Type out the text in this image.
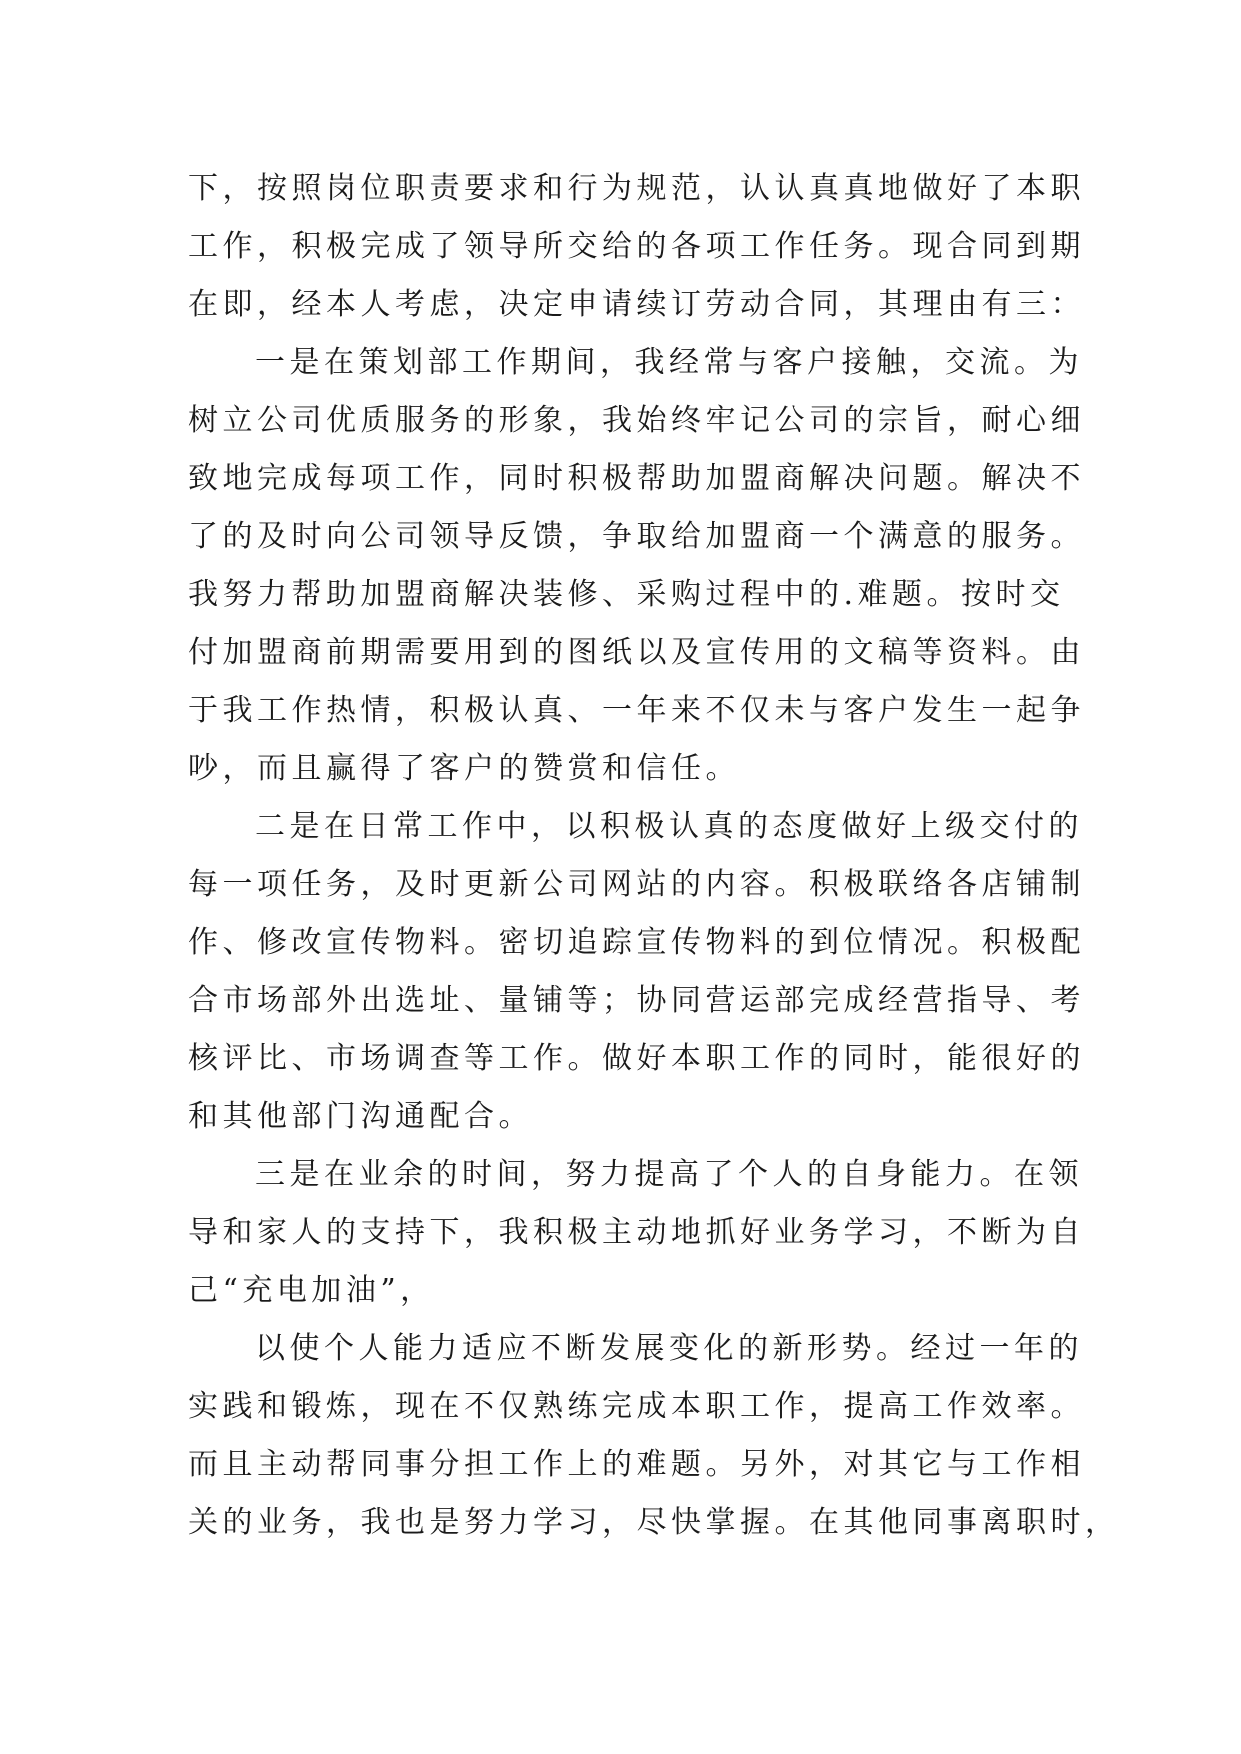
下，按照岗位职责要求和行为规范，认认真真地做好了本职
工作，积极完成了领导所交给的各项工作任务。现合同到期
在即，经本人考虑，决定申请续订劳动合同，其理由有三：
一是在策划部工作期间，我经常与客户接触，交流。为
树立公司优质服务的形象，我始终牢记公司的宗旨，耐心细
致地完成每项工作，同时积极帮助加盟商解决问题。解决不
了的及时向公司领导反馈，争取给加盟商一个满意的服务。
我努力帮助加盟商解决装修、采购过程中的.难题。按时交
付加盟商前期需要用到的图纸以及宣传用的文稿等资料。由
于我工作热情，积极认真、一年来不仅未与客户发生一起争
吵，而且赢得了客户的赞赏和信任。
二是在日常工作中，以积极认真的态度做好上级交付的
每一项任务，及时更新公司网站的内容。积极联络各店铺制
作、修改宣传物料。密切追踪宣传物料的到位情况。积极配
合市场部外出选址、量铺等；协同营运部完成经营指导、考
核评比、市场调查等工作。做好本职工作的同时，能很好的
和其他部门沟通配合。
三是在业余的时间，努力提高了个人的自身能力。在领
导和家人的支持下，我积极主动地抓好业务学习，不断为自
己“充电加油”，
以使个人能力适应不断发展变化的新形势。经过一年的
实践和锻炼，现在不仅熟练完成本职工作，提高工作效率。
而且主动帮同事分担工作上的难题。另外，对其它与工作相
关的业务，我也是努力学习，尽快掌握。在其他同事离职时，
